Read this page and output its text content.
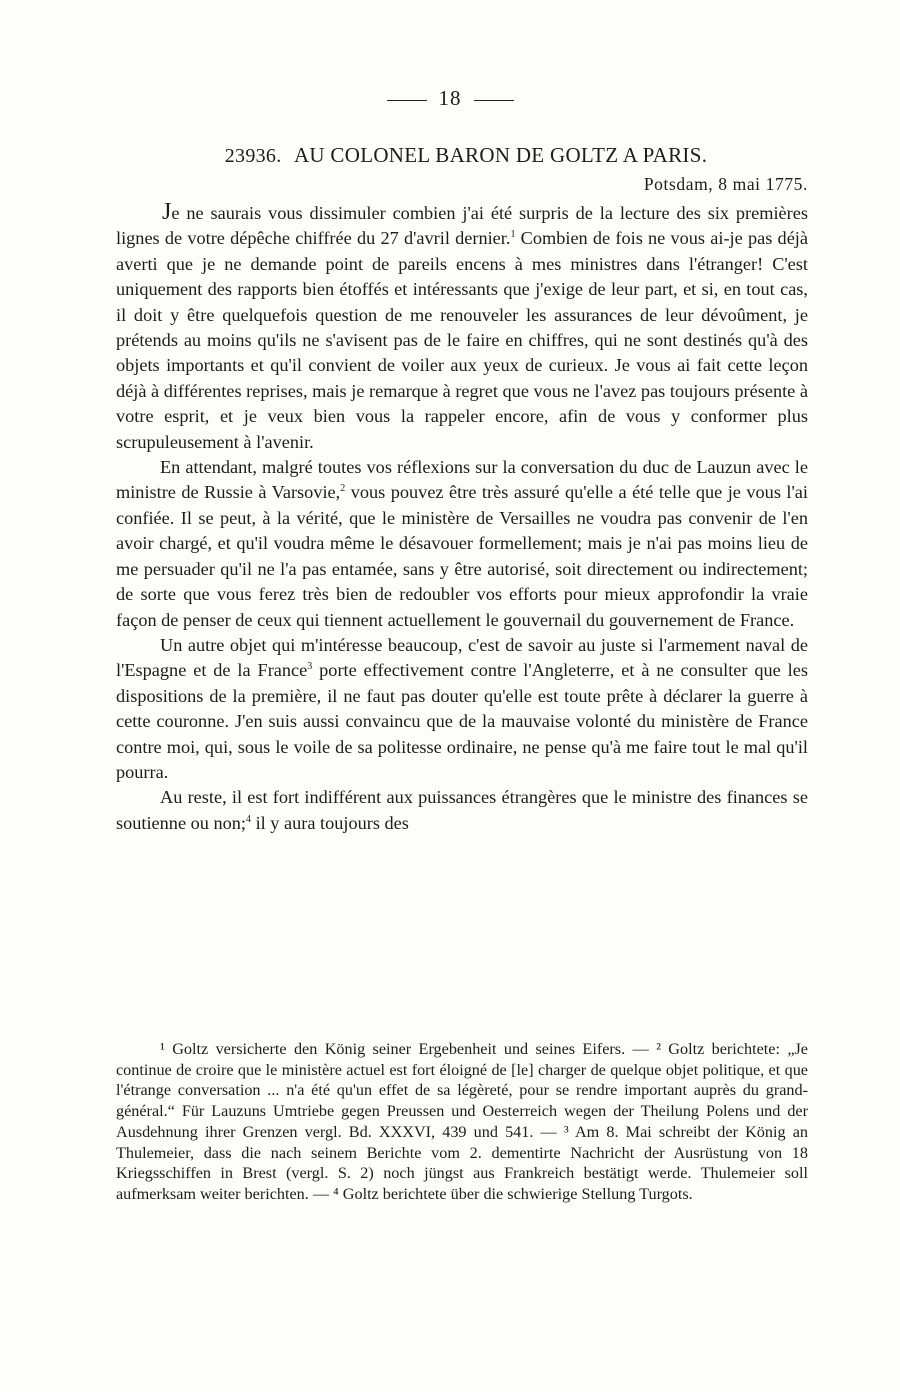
18
23936. AU COLONEL BARON DE GOLTZ A PARIS.
Potsdam, 8 mai 1775.

Je ne saurais vous dissimuler combien j'ai été surpris de la lecture des six premières lignes de votre dépêche chiffrée du 27 d'avril dernier.$^1$ Combien de fois ne vous ai-je pas déjà averti que je ne demande point de pareils encens à mes ministres dans l'étranger! C'est uniquement des rapports bien étoffés et intéressants que j'exige de leur part, et si, en tout cas, il doit y être quelquefois question de me renouveler les assurances de leur dévoûment, je prétends au moins qu'ils ne s'avisent pas de le faire en chiffres, qui ne sont destinés qu'à des objets importants et qu'il convient de voiler aux yeux de curieux. Je vous ai fait cette leçon déjà à différentes reprises, mais je remarque à regret que vous ne l'avez pas toujours présente à votre esprit, et je veux bien vous la rappeler encore, afin de vous y conformer plus scrupuleusement à l'avenir.

En attendant, malgré toutes vos réflexions sur la conversation du duc de Lauzun avec le ministre de Russie à Varsovie,$^2$ vous pouvez être très assuré qu'elle a été telle que je vous l'ai confiée. Il se peut, à la vérité, que le ministère de Versailles ne voudra pas convenir de l'en avoir chargé, et qu'il voudra même le désavouer formellement; mais je n'ai pas moins lieu de me persuader qu'il ne l'a pas entamée, sans y être autorisé, soit directement ou indirectement; de sorte que vous ferez très bien de redoubler vos efforts pour mieux approfondir la vraie façon de penser de ceux qui tiennent actuellement le gouvernail du gouvernement de France.

Un autre objet qui m'intéresse beaucoup, c'est de savoir au juste si l'armement naval de l'Espagne et de la France$^3$ porte effectivement contre l'Angleterre, et à ne consulter que les dispositions de la première, il ne faut pas douter qu'elle est toute prête à déclarer la guerre à cette couronne. J'en suis aussi convaincu que de la mauvaise volonté du ministère de France contre moi, qui, sous le voile de sa politesse ordinaire, ne pense qu'à me faire tout le mal qu'il pourra.

Au reste, il est fort indifférent aux puissances étrangères que le ministre des finances se soutienne ou non;$^4$ il y aura toujours des

¹ Goltz versicherte den König seiner Ergebenheit und seines Eifers. — ² Goltz berichtete: „Je continue de croire que le ministère actuel est fort éloigné de [le] charger de quelque objet politique, et que l'étrange conversation ... n'a été qu'un effet de sa légèreté, pour se rendre important auprès du grand-général.“ Für Lauzuns Umtriebe gegen Preussen und Oesterreich wegen der Theilung Polens und der Ausdehnung ihrer Grenzen vergl. Bd. XXXVI, 439 und 541. — ³ Am 8. Mai schreibt der König an Thulemeier, dass die nach seinem Berichte vom 2. dementirte Nachricht der Ausrüstung von 18 Kriegsschiffen in Brest (vergl. S. 2) noch jüngst aus Frankreich bestätigt werde. Thulemeier soll aufmerksam weiter berichten. — ⁴ Goltz berichtete über die schwierige Stellung Turgots.
